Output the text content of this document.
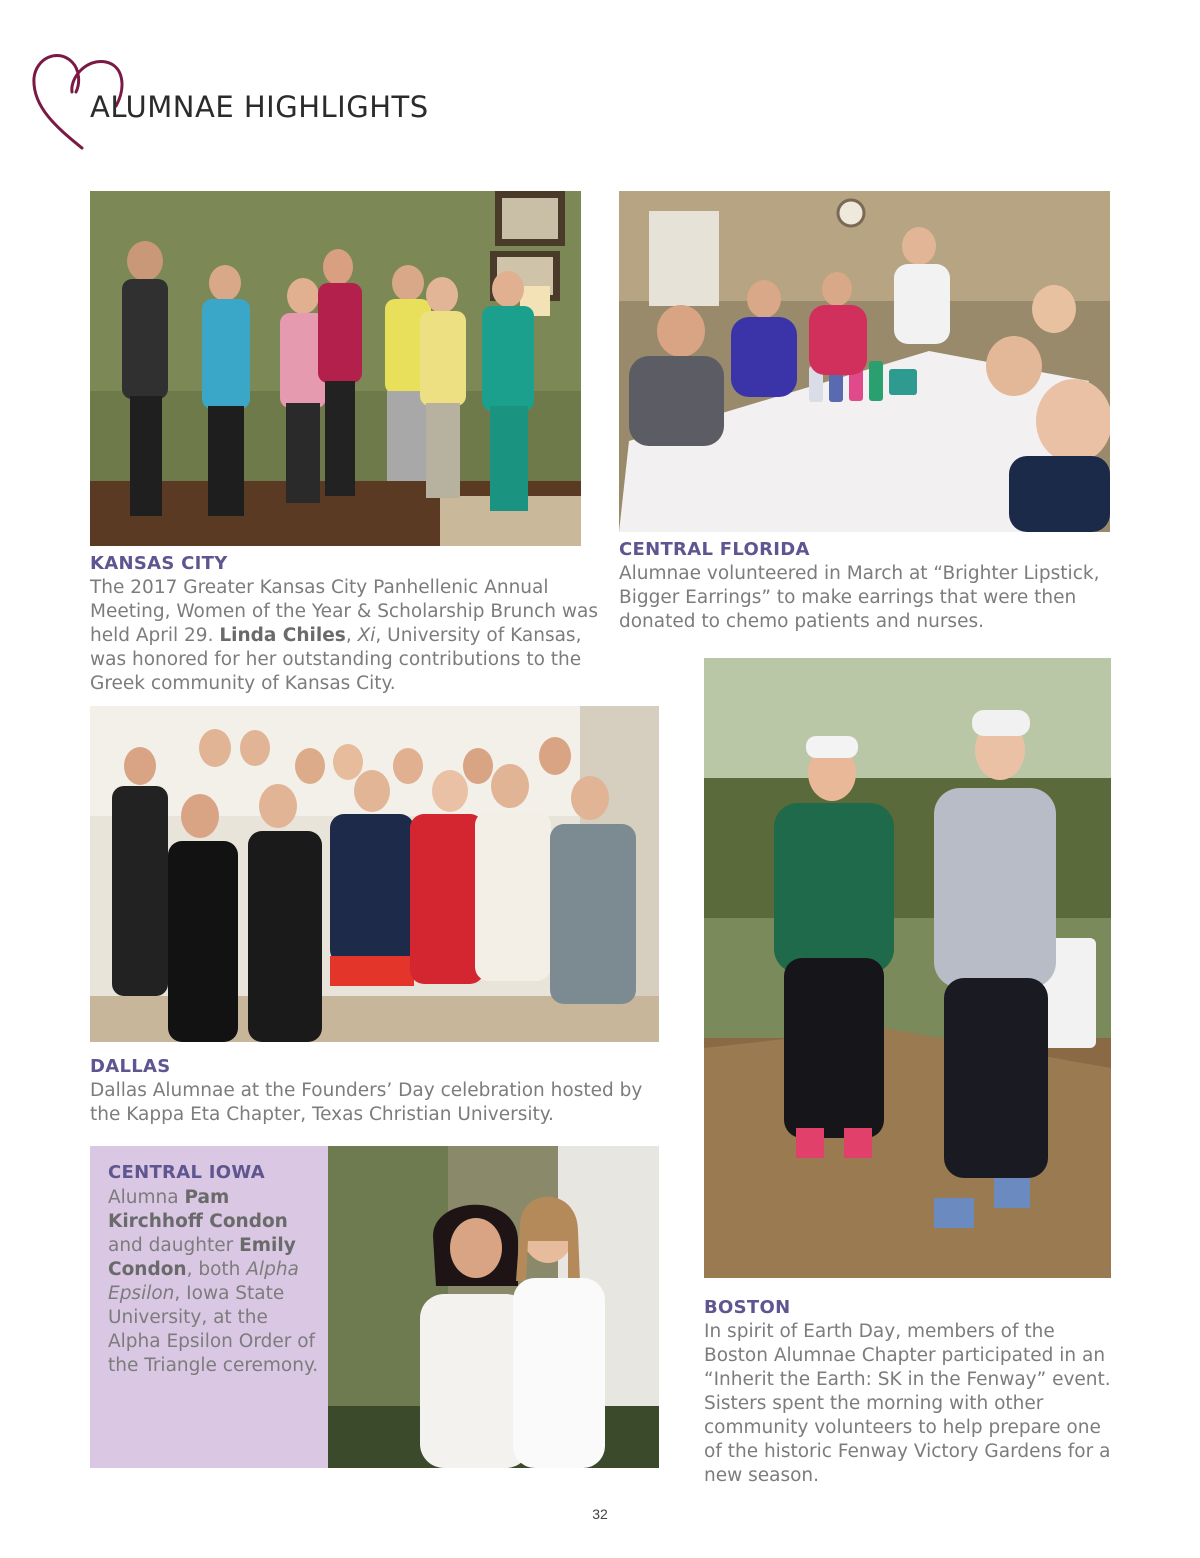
ALUMNAE HIGHLIGHTS
KANSAS CITY
The 2017 Greater Kansas City Panhellenic Annual Meeting, Women of the Year & Scholarship Brunch was held April 29. Linda Chiles, Xi, University of Kansas, was honored for her outstanding contributions to the Greek community of Kansas City.
CENTRAL FLORIDA
Alumnae volunteered in March at “Brighter Lipstick, Bigger Earrings” to make earrings that were then donated to chemo patients and nurses.
DALLAS
Dallas Alumnae at the Founders’ Day celebration hosted by the Kappa Eta Chapter, Texas Christian University.
CENTRAL IOWA
Alumna Pam Kirchhoff Condon and daughter Emily Condon, both Alpha Epsilon, Iowa State University, at the Alpha Epsilon Order of the Triangle ceremony.
BOSTON
In spirit of Earth Day, members of the Boston Alumnae Chapter participated in an “Inherit the Earth: SK in the Fenway” event. Sisters spent the morning with other community volunteers to help prepare one of the historic Fenway Victory Gardens for a new season.
32
